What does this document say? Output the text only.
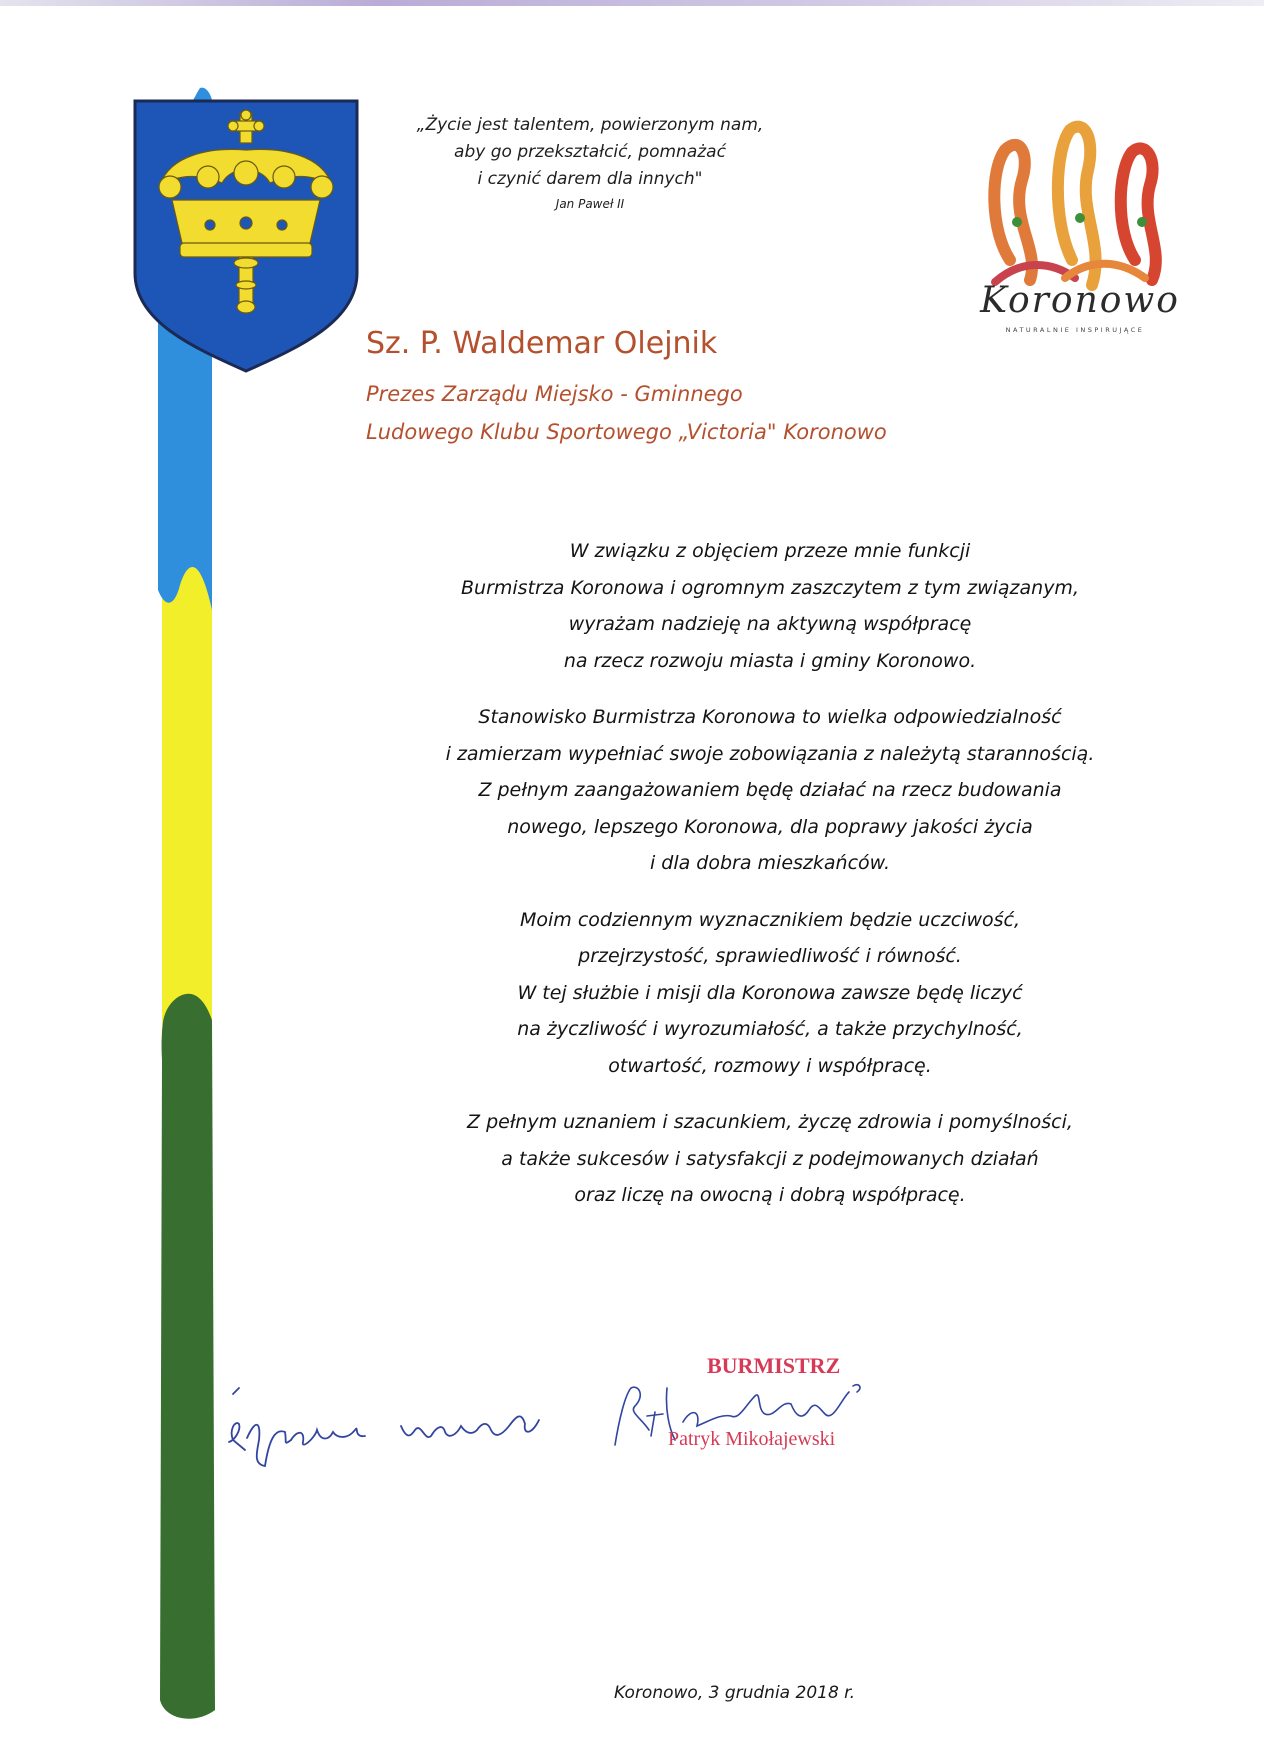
„Życie jest talentem, powierzonym nam,

aby go przekształcić, pomnażać

i czynić darem dla innych"

Jan Paweł II
Koronowo
NATURALNIE INSPIRUJĄCE

Sz. P. Waldemar Olejnik

Prezes Zarządu Miejsko - Gminnego

Ludowego Klubu Sportowego „Victoria" Koronowo

W związku z objęciem przeze mnie funkcji
Burmistrza Koronowa i ogromnym zaszczytem z tym związanym,
wyrażam nadzieję na aktywną współpracę
na rzecz rozwoju miasta i gminy Koronowo.
Stanowisko Burmistrza Koronowa to wielka odpowiedzialność
i zamierzam wypełniać swoje zobowiązania z należytą starannością.
Z pełnym zaangażowaniem będę działać na rzecz budowania
nowego, lepszego Koronowa, dla poprawy jakości życia
i dla dobra mieszkańców.
Moim codziennym wyznacznikiem będzie uczciwość,
przejrzystość, sprawiedliwość i równość.
W tej służbie i misji dla Koronowa zawsze będę liczyć
na życzliwość i wyrozumiałość, a także przychylność,
otwartość, rozmowy i współpracę.
Z pełnym uznaniem i szacunkiem, życzę zdrowia i pomyślności,
a także sukcesów i satysfakcji z podejmowanych działań
oraz liczę na owocną i dobrą współpracę.
BURMISTRZ
Patryk Mikołajewski
Koronowo, 3 grudnia 2018 r.
